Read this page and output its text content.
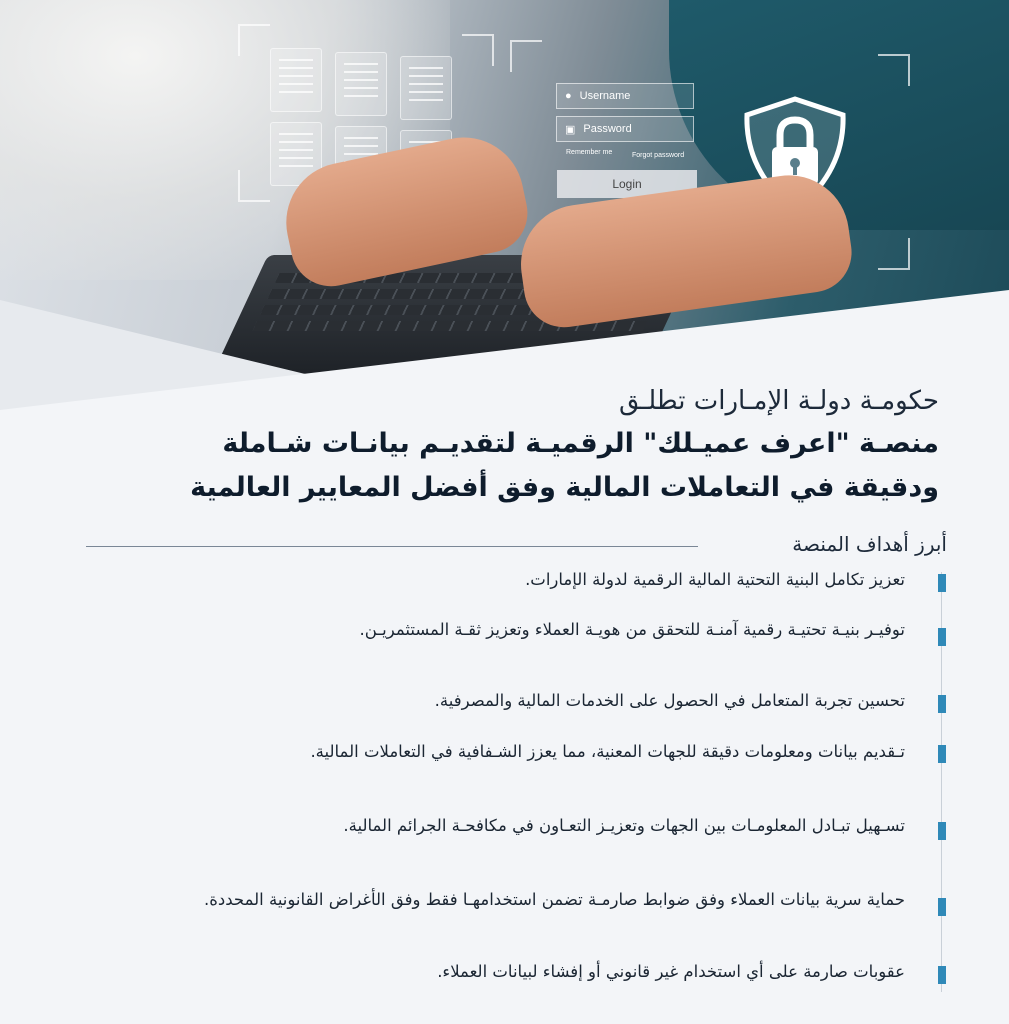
● Username
▣ Password
Remember me	Forgot password
Login
حكومـة دولـة الإمـارات تطلـق
منصـة "اعرف عميـلك" الرقميـة لتقديـم بيانـات شـاملة
ودقيقة في التعاملات المالية وفق أفضل المعايير العالمية
أبرز أهداف المنصة
تعزيز تكامل البنية التحتية المالية الرقمية لدولة الإمارات.
توفيـر بنيـة تحتيـة رقمية آمنـة للتحقق من هويـة العملاء وتعزيز ثقـة المستثمريـن.
تحسين تجربة المتعامل في الحصول على الخدمات المالية والمصرفية.
تـقديم بيانات ومعلومات دقيقة للجهات المعنية، مما يعزز الشـفافية في التعاملات المالية.
تسـهيل تبـادل المعلومـات بين الجهات وتعزيـز التعـاون في مكافحـة الجرائم المالية.
حماية سرية بيانات العملاء وفق ضوابط صارمـة تضمن استخدامهـا فقط وفق الأغراض القانونية المحددة.
عقوبات صارمة على أي استخدام غير قانوني أو إفشاء لبيانات العملاء.
